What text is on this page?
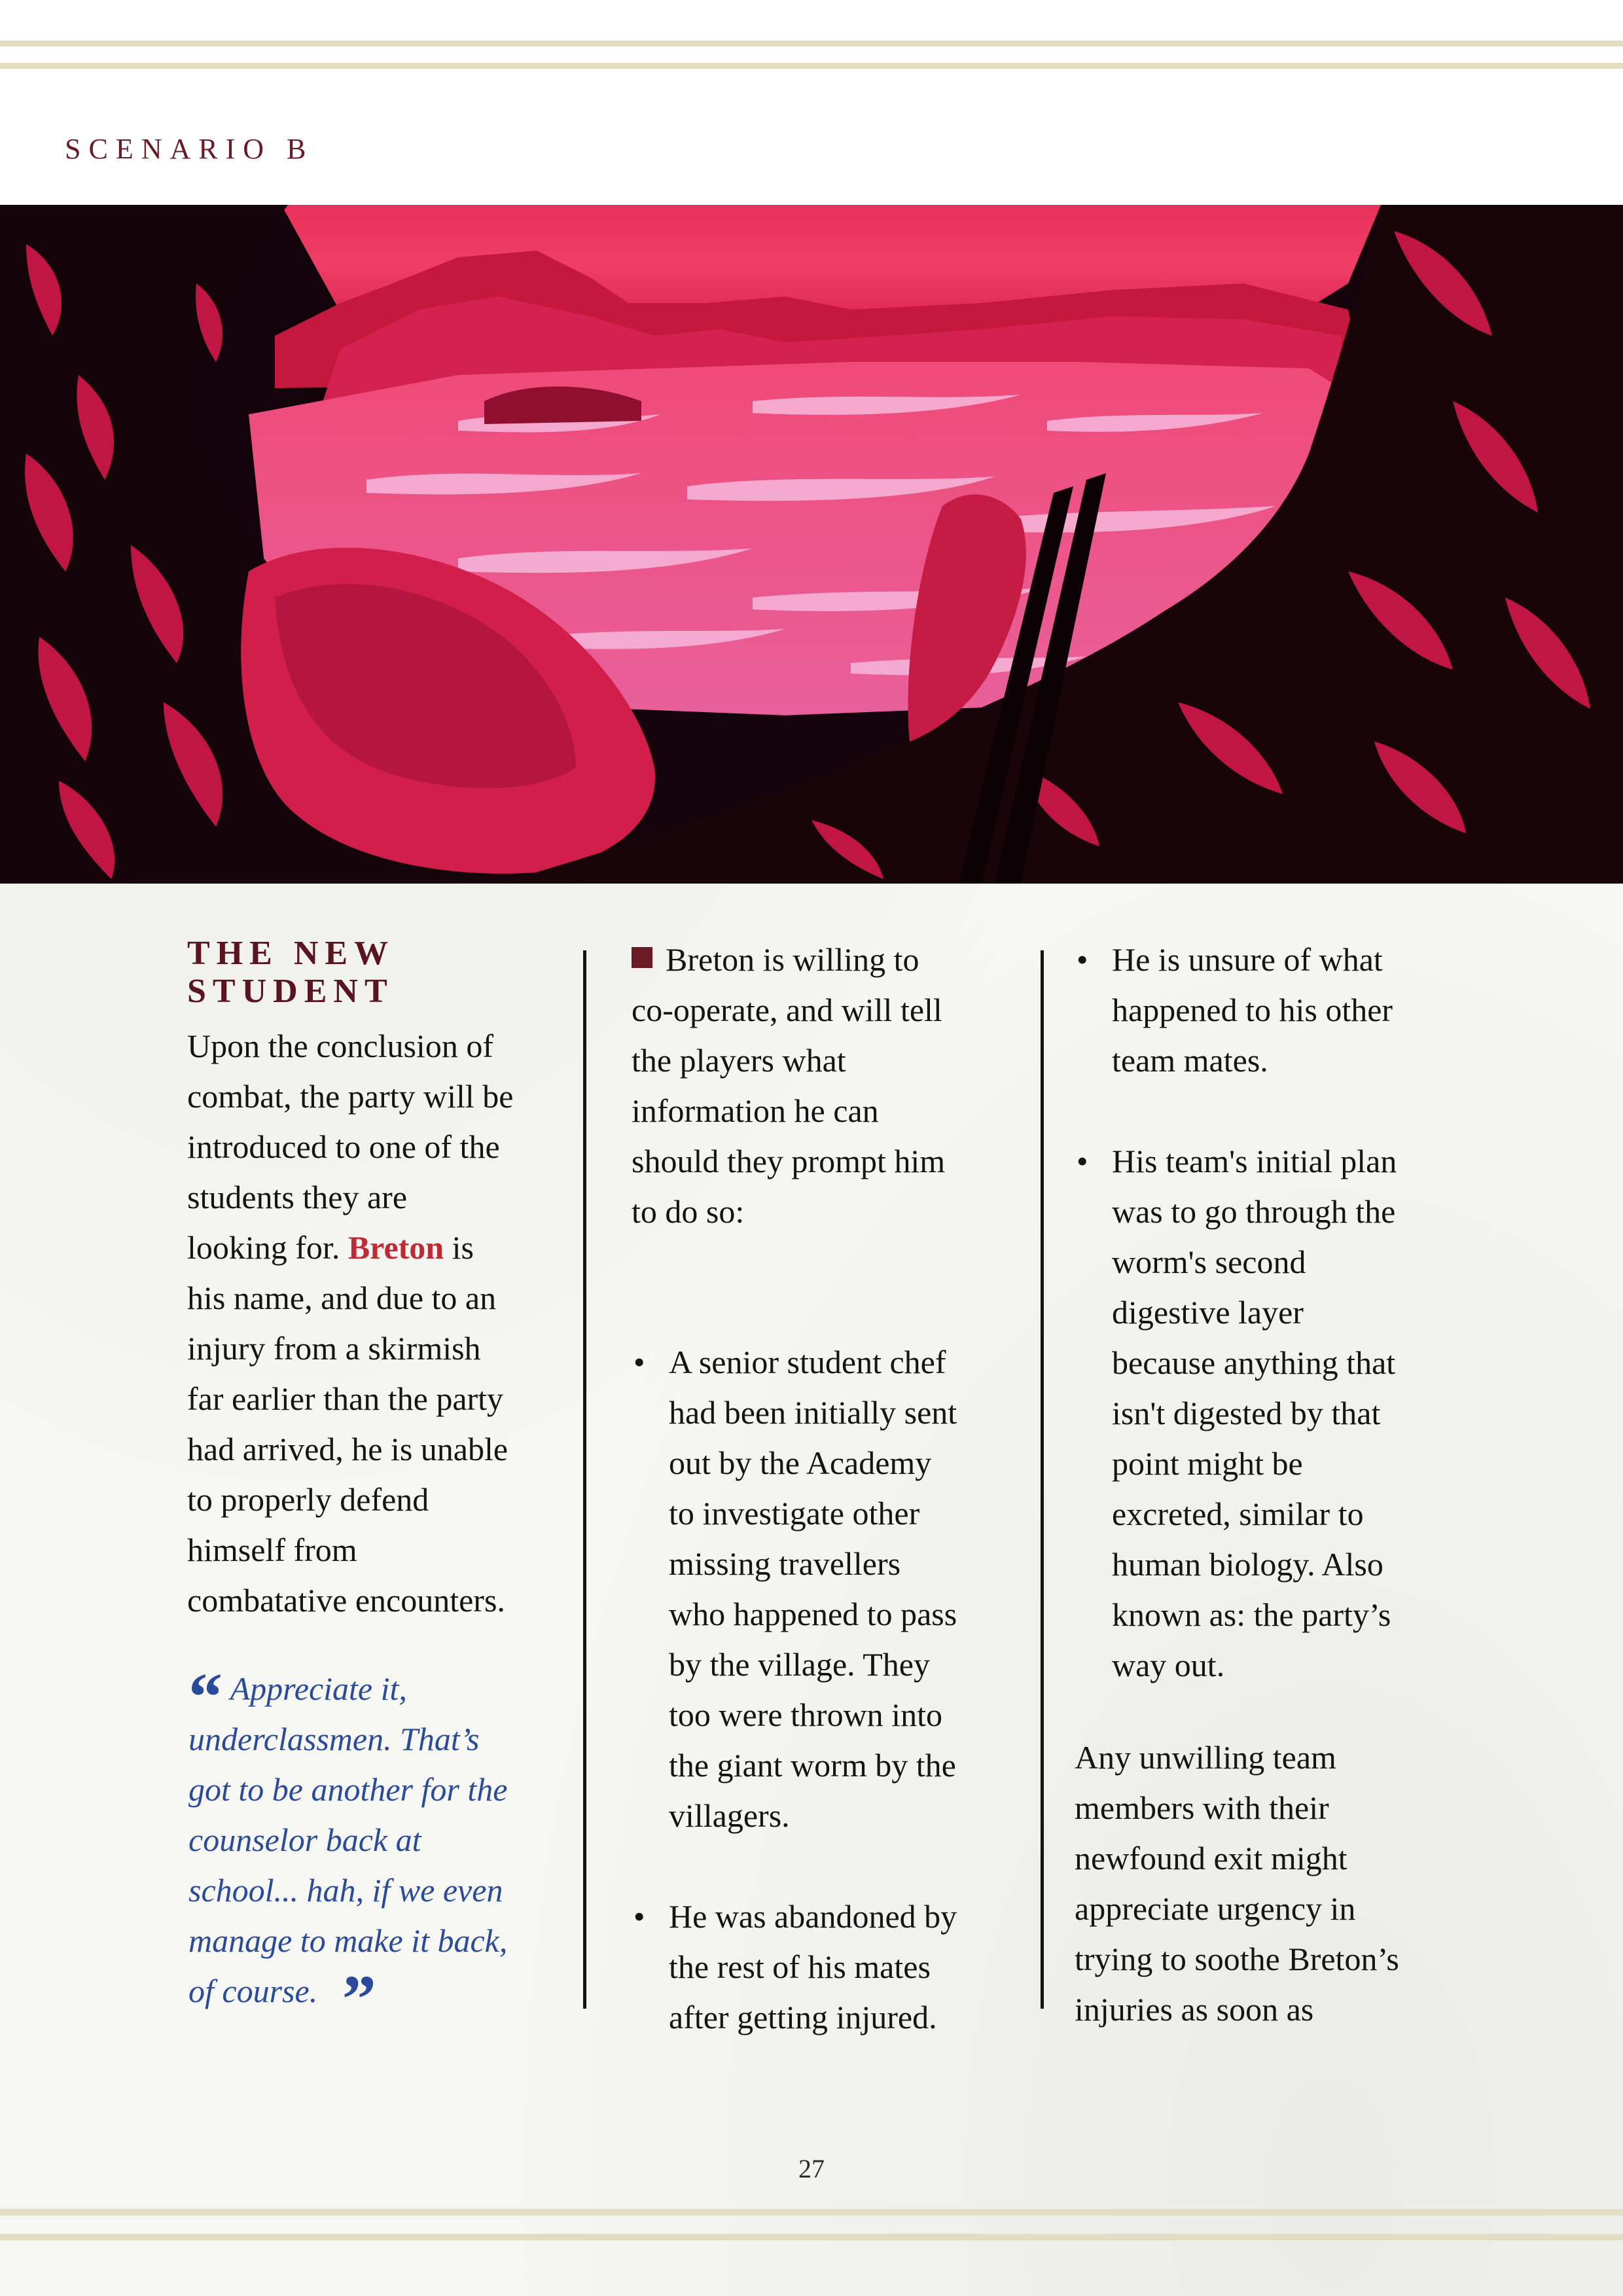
SCENARIO B
THE NEW
STUDENT

Upon the conclusion of
combat, the party will be
introduced to one of the
students they are
looking for. Breton is
his name, and due to an
injury from a skirmish
far earlier than the party
had arrived, he is unable
to properly defend
himself from
combatative encounters.

“ Appreciate it,
underclassmen. That’s
got to be another for the
counselor back at
school... hah, if we even
manage to make it back,
of course. ”

Breton is willing to
co-operate, and will tell
the players what
information he can
should they prompt him
to do so:

• A senior student chef
had been initially sent
out by the Academy
to investigate other
missing travellers
who happened to pass
by the village. They
too were thrown into
the giant worm by the
villagers.
• He was abandoned by
the rest of his mates
after getting injured.
• He is unsure of what
happened to his other
team mates.
• His team's initial plan
was to go through the
worm's second
digestive layer
because anything that
isn't digested by that
point might be
excreted, similar to
human biology. Also
known as: the party’s
way out.

Any unwilling team
members with their
newfound exit might
appreciate urgency in
trying to soothe Breton’s
injuries as soon as

27
